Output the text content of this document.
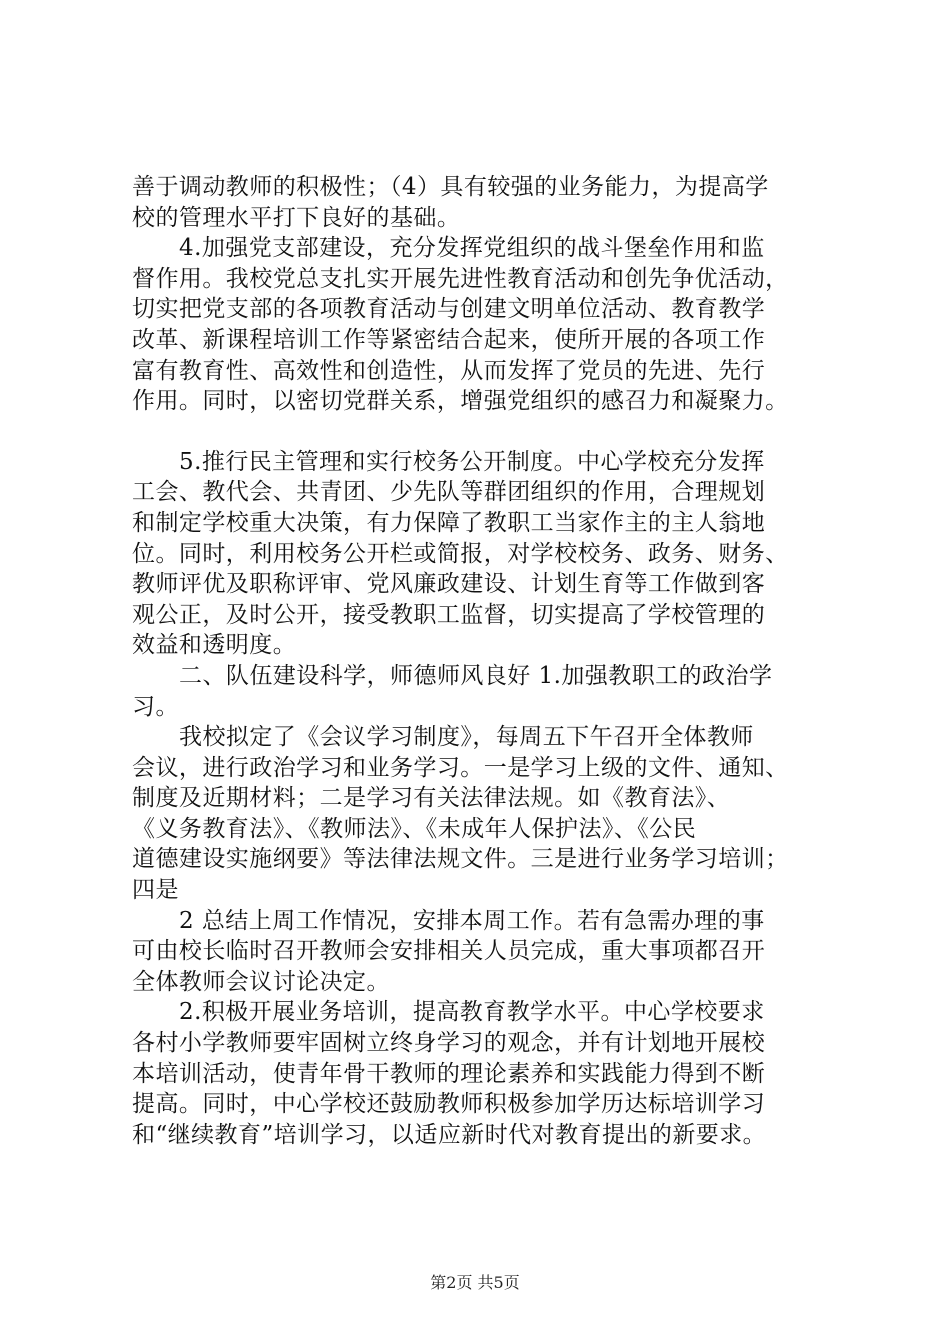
善于调动教师的积极性；（4）具有较强的业务能力，为提高学
校的管理水平打下良好的基础。
4.加强党支部建设，充分发挥党组织的战斗堡垒作用和监
督作用。我校党总支扎实开展先进性教育活动和创先争优活动，
切实把党支部的各项教育活动与创建文明单位活动、教育教学
改革、新课程培训工作等紧密结合起来，使所开展的各项工作
富有教育性、高效性和创造性，从而发挥了党员的先进、先行
作用。同时，以密切党群关系，增强党组织的感召力和凝聚力。
5.推行民主管理和实行校务公开制度。中心学校充分发挥
工会、教代会、共青团、少先队等群团组织的作用，合理规划
和制定学校重大决策，有力保障了教职工当家作主的主人翁地
位。同时，利用校务公开栏或简报，对学校校务、政务、财务、
教师评优及职称评审、党风廉政建设、计划生育等工作做到客
观公正，及时公开，接受教职工监督，切实提高了学校管理的
效益和透明度。
二、队伍建设科学，师德师风良好 1.加强教职工的政治学
习。
我校拟定了《会议学习制度》，每周五下午召开全体教师
会议，进行政治学习和业务学习。一是学习上级的文件、通知、
制度及近期材料；二是学习有关法律法规。如《教育法》、
《义务教育法》、《教师法》、《未成年人保护法》、《公民
道德建设实施纲要》等法律法规文件。三是进行业务学习培训；
四是
2 总结上周工作情况，安排本周工作。若有急需办理的事
可由校长临时召开教师会安排相关人员完成，重大事项都召开
全体教师会议讨论决定。
2.积极开展业务培训，提高教育教学水平。中心学校要求
各村小学教师要牢固树立终身学习的观念，并有计划地开展校
本培训活动，使青年骨干教师的理论素养和实践能力得到不断
提高。同时，中心学校还鼓励教师积极参加学历达标培训学习
和“继续教育”培训学习，以适应新时代对教育提出的新要求。
第2页 共5页
